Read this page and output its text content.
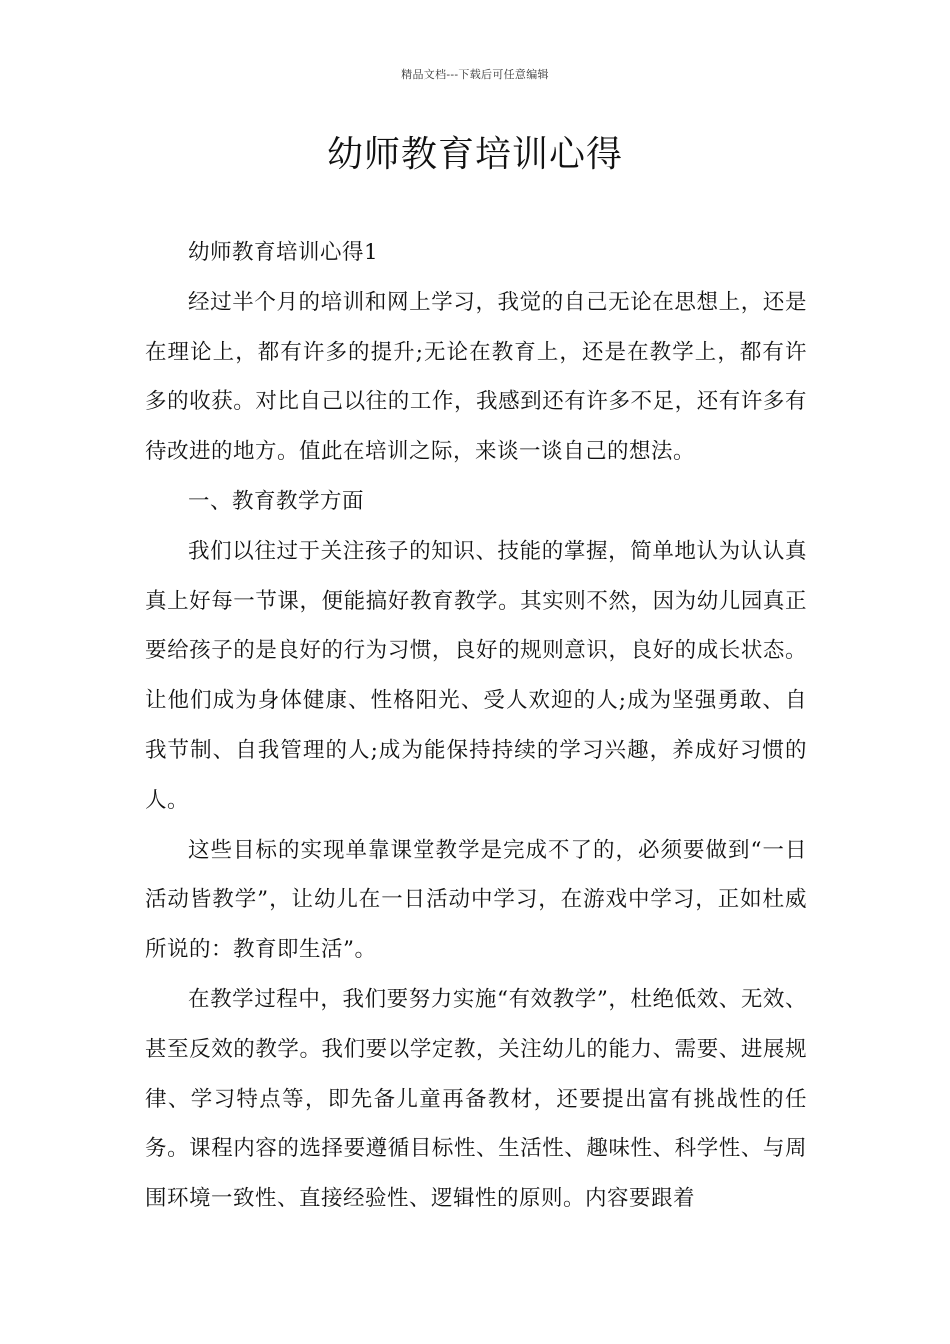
精品文档---下载后可任意编辑
幼师教育培训心得

幼师教育培训心得1

经过半个月的培训和网上学习，我觉的自己无论在思想上，还是在理论上，都有许多的提升;无论在教育上，还是在教学上，都有许多的收获。对比自己以往的工作，我感到还有许多不足，还有许多有待改进的地方。值此在培训之际，来谈一谈自己的想法。

一、教育教学方面

我们以往过于关注孩子的知识、技能的掌握，简单地认为认认真真上好每一节课，便能搞好教育教学。其实则不然，因为幼儿园真正要给孩子的是良好的行为习惯，良好的规则意识，良好的成长状态。让他们成为身体健康、性格阳光、受人欢迎的人;成为坚强勇敢、自我节制、自我管理的人;成为能保持持续的学习兴趣，养成好习惯的人。

这些目标的实现单靠课堂教学是完成不了的，必须要做到“一日活动皆教学”，让幼儿在一日活动中学习，在游戏中学习，正如杜威所说的：教育即生活”。

在教学过程中，我们要努力实施“有效教学”，杜绝低效、无效、甚至反效的教学。我们要以学定教，关注幼儿的能力、需要、进展规律、学习特点等，即先备儿童再备教材，还要提出富有挑战性的任务。课程内容的选择要遵循目标性、生活性、趣味性、科学性、与周围环境一致性、直接经验性、逻辑性的原则。内容要跟着
